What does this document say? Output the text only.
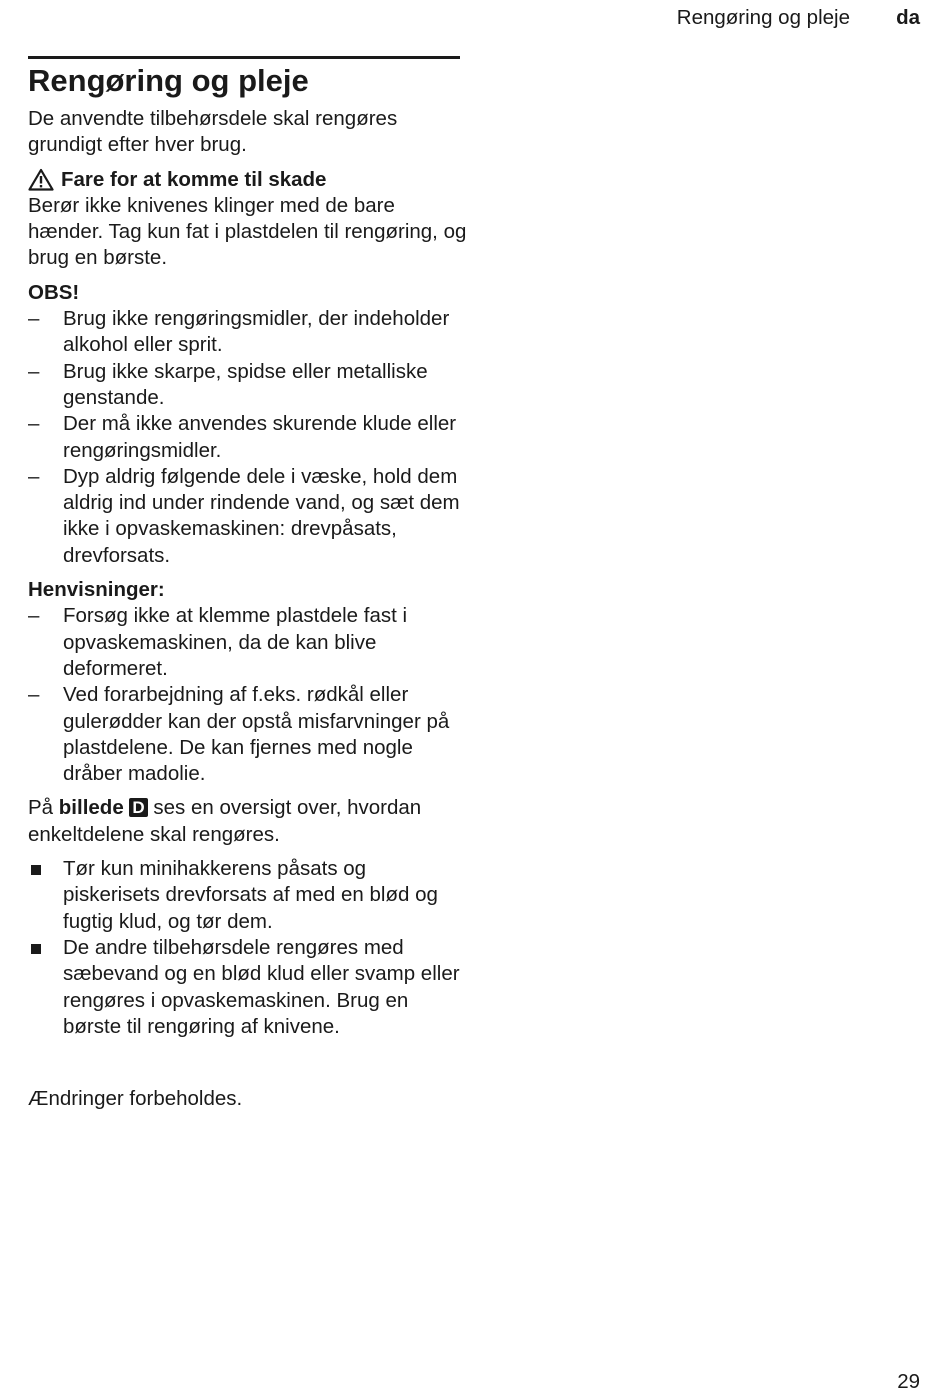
Rengøring og pleje da
Rengøring og pleje

De anvendte tilbehørsdele skal rengøres grundigt efter hver brug.

Fare for at komme til skade

Berør ikke knivenes klinger med de bare hænder. Tag kun fat i plastdelen til rengøring, og brug en børste.

OBS!

–	Brug ikke rengøringsmidler, der indeholder alkohol eller sprit.
–	Brug ikke skarpe, spidse eller metalliske genstande.
–	Der må ikke anvendes skurende klude eller rengøringsmidler.
–	Dyp aldrig følgende dele i væske, hold dem aldrig ind under rindende vand, og sæt dem ikke i opvaskemaskinen: drevpåsats, drevforsats.

Henvisninger:

–	Forsøg ikke at klemme plastdele fast i opvaskemaskinen, da de kan blive deformeret.
–	Ved forarbejdning af f.eks. rødkål eller gulerødder kan der opstå misfarvninger på plastdelene. De kan fjernes med nogle dråber madolie.

På billede D ses en oversigt over, hvordan enkeltdelene skal rengøres.

Tør kun minihakkerens påsats og piskerisets drevforsats af med en blød og fugtig klud, og tør dem.
De andre tilbehørsdele rengøres med sæbevand og en blød klud eller svamp eller rengøres i opvaskemaskinen. Brug en børste til rengøring af knivene.
Ændringer forbeholdes.
29
